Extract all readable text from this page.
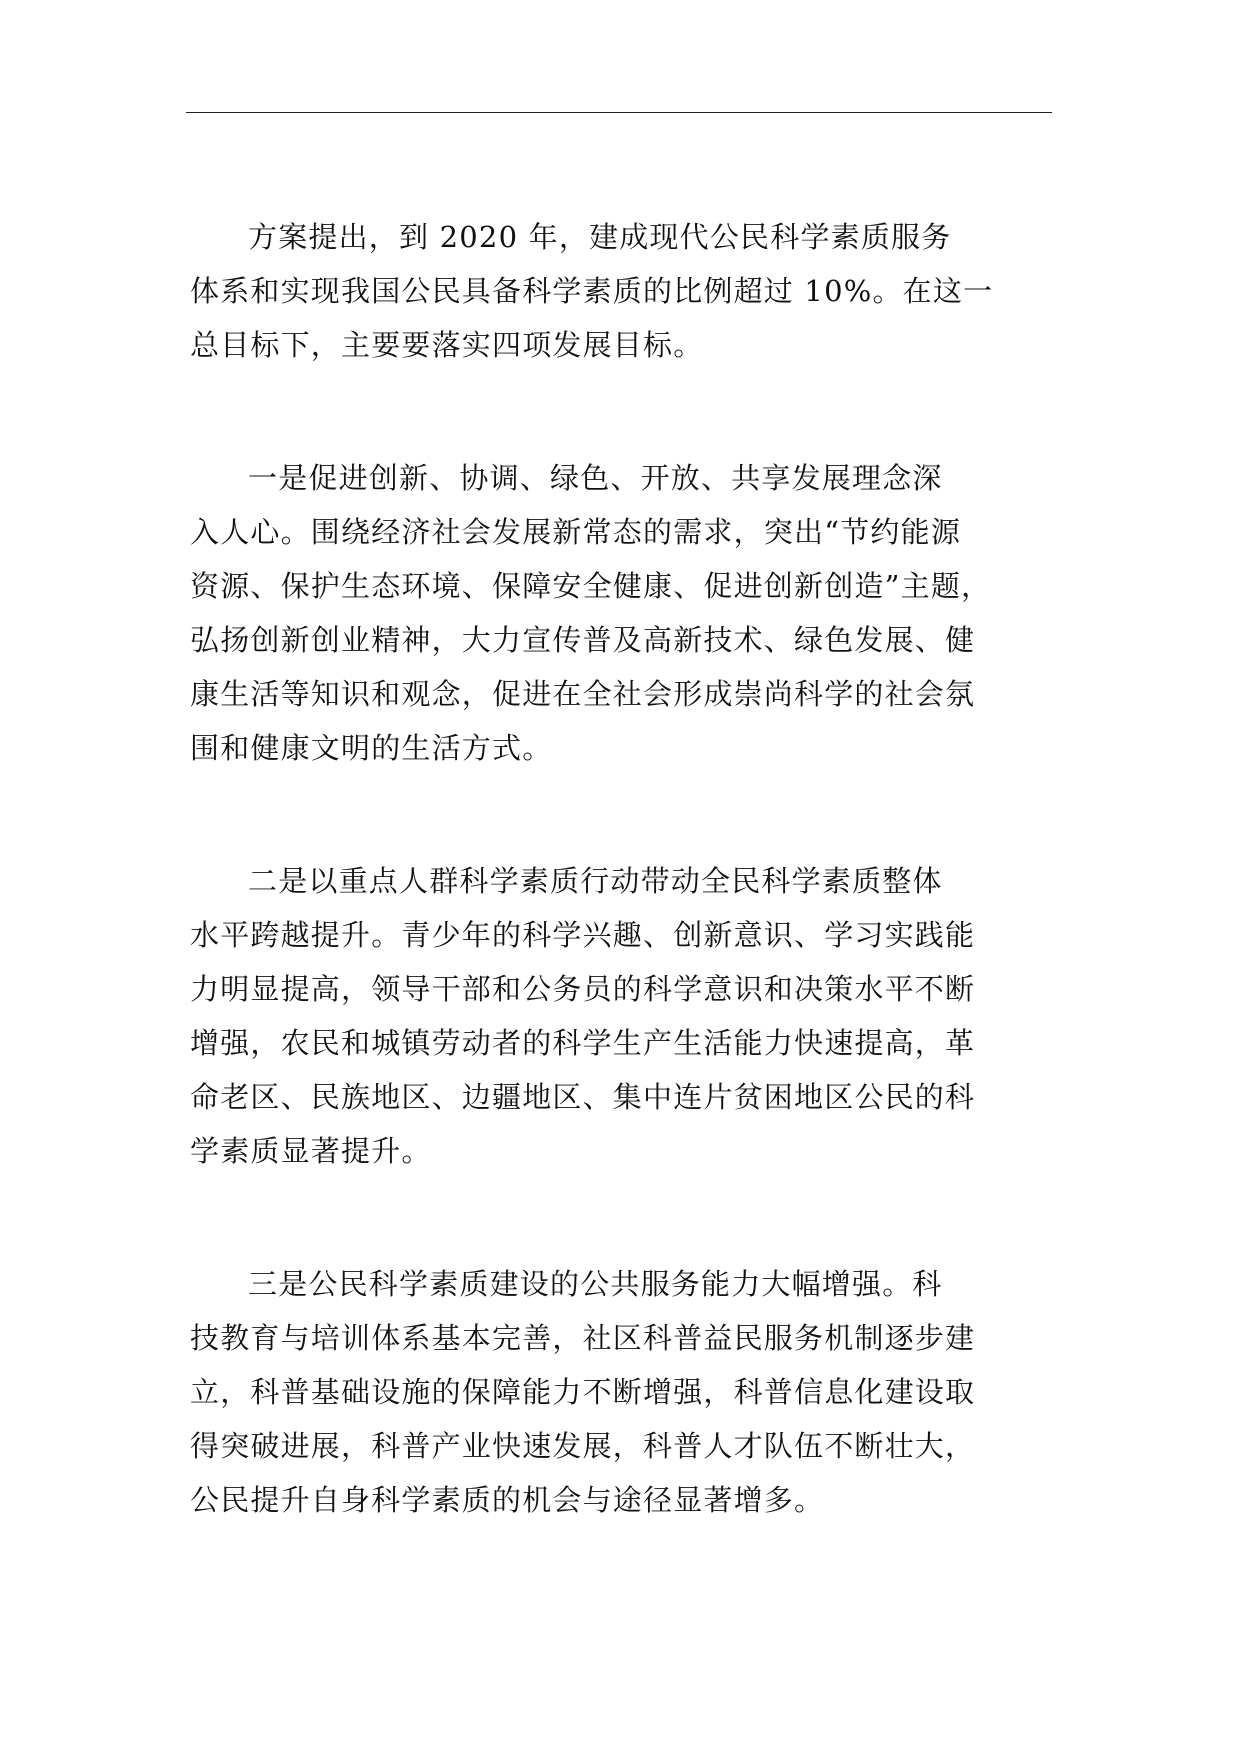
方案提出，到 2020 年，建成现代公民科学素质服务
体系和实现我国公民具备科学素质的比例超过 10%。在这一
总目标下，主要要落实四项发展目标。

一是促进创新、协调、绿色、开放、共享发展理念深
入人心。围绕经济社会发展新常态的需求，突出“节约能源
资源、保护生态环境、保障安全健康、促进创新创造”主题，
弘扬创新创业精神，大力宣传普及高新技术、绿色发展、健
康生活等知识和观念，促进在全社会形成崇尚科学的社会氛
围和健康文明的生活方式。

二是以重点人群科学素质行动带动全民科学素质整体
水平跨越提升。青少年的科学兴趣、创新意识、学习实践能
力明显提高，领导干部和公务员的科学意识和决策水平不断
增强，农民和城镇劳动者的科学生产生活能力快速提高，革
命老区、民族地区、边疆地区、集中连片贫困地区公民的科
学素质显著提升。

三是公民科学素质建设的公共服务能力大幅增强。科
技教育与培训体系基本完善，社区科普益民服务机制逐步建
立，科普基础设施的保障能力不断增强，科普信息化建设取
得突破进展，科普产业快速发展，科普人才队伍不断壮大，
公民提升自身科学素质的机会与途径显著增多。
